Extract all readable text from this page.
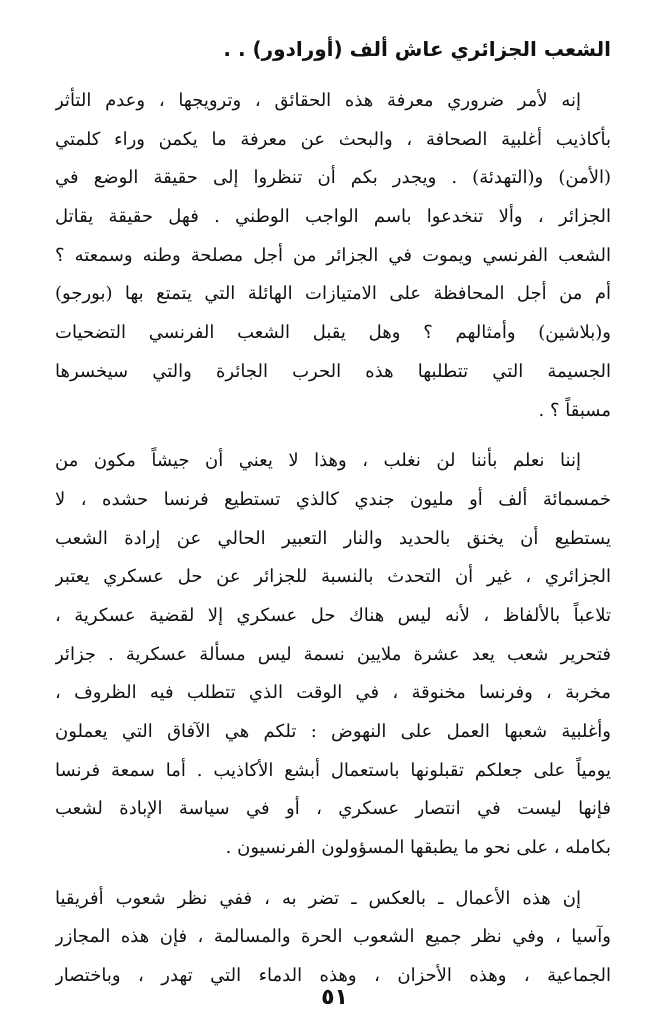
الشعب الجزائري عاش ألف (أورادور) . .
إنه لأمر ضروري معرفة هذه الحقائق ، وترويجها ، وعدم التأثر
بأكاذيب أغلبية الصحافة ، والبحث عن معرفة ما يكمن وراء كلمتي
(الأمن) و(التهدئة) . ويجدر بكم أن تنظروا إلى حقيقة الوضع في
الجزائر ، وألا تنخدعوا باسم الواجب الوطني . فهل حقيقة يقاتل
الشعب الفرنسي ويموت في الجزائر من أجل مصلحة وطنه وسمعته ؟
أم من أجل المحافظة على الامتيازات الهائلة التي يتمتع بها (بورجو)
و(بلاشين) وأمثالهم ؟ وهل يقبل الشعب الفرنسي التضحيات
الجسيمة التي تتطلبها هذه الحرب الجائرة والتي سيخسرها
مسبقاً ؟ .
إننا نعلم بأننا لن نغلب ، وهذا لا يعني أن جيشاً مكون من
خمسمائة ألف أو مليون جندي كالذي تستطيع فرنسا حشده ، لا
يستطيع أن يخنق بالحديد والنار التعبير الحالي عن إرادة الشعب
الجزائري ، غير أن التحدث بالنسبة للجزائر عن حل عسكري يعتبر
تلاعباً بالألفاظ ، لأنه ليس هناك حل عسكري إلا لقضية عسكرية ،
فتحرير شعب يعد عشرة ملايين نسمة ليس مسألة عسكرية . جزائر
مخربة ، وفرنسا مخنوقة ، في الوقت الذي تتطلب فيه الظروف ،
وأغلبية شعبها العمل على النهوض : تلكم هي الآفاق التي يعملون
يومياً على جعلكم تقبلونها باستعمال أبشع الأكاذيب . أما سمعة فرنسا
فإنها ليست في انتصار عسكري ، أو في سياسة الإبادة لشعب
بكامله ، على نحو ما يطبقها المسؤولون الفرنسيون .
إن هذه الأعمال ـ بالعكس ـ تضر به ، ففي نظر شعوب أفريقيا
وآسيا ، وفي نظر جميع الشعوب الحرة والمسالمة ، فإن هذه المجازر
الجماعية ، وهذه الأحزان ، وهذه الدماء التي تهدر ، وباختصار
٥١
